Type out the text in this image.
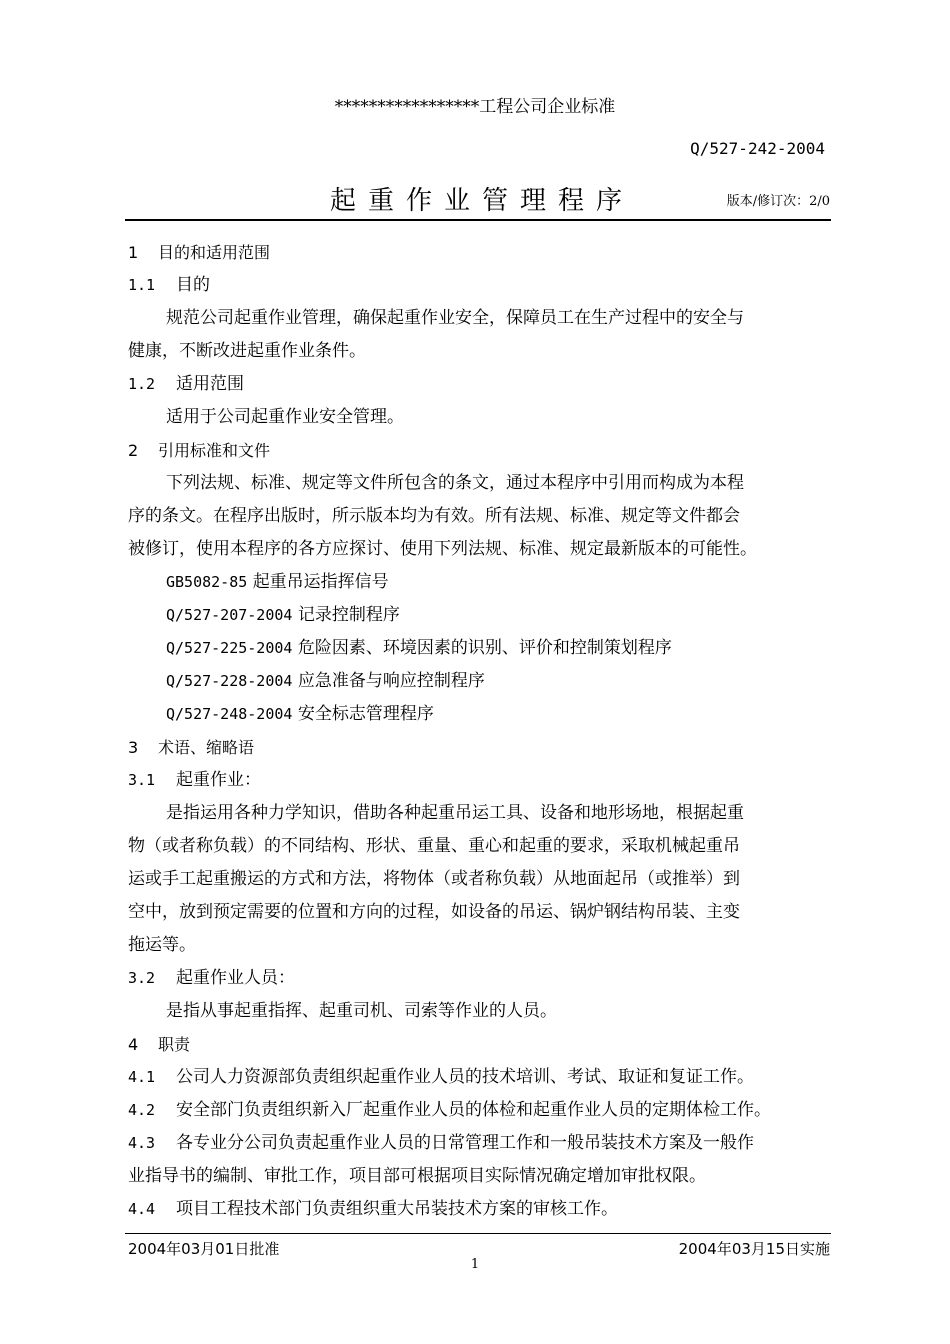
*****************工程公司企业标准
Q/527-242-2004
起重作业管理程序	版本/修订次：2/0
1 目的和适用范围
1.1 目的
规范公司起重作业管理，确保起重作业安全，保障员工在生产过程中的安全与
健康，不断改进起重作业条件。
1.2 适用范围
适用于公司起重作业安全管理。
2 引用标准和文件
下列法规、标准、规定等文件所包含的条文，通过本程序中引用而构成为本程
序的条文。在程序出版时，所示版本均为有效。所有法规、标准、规定等文件都会
被修订，使用本程序的各方应探讨、使用下列法规、标准、规定最新版本的可能性。
GB5082-85 起重吊运指挥信号
Q/527-207-2004 记录控制程序
Q/527-225-2004 危险因素、环境因素的识别、评价和控制策划程序
Q/527-228-2004 应急准备与响应控制程序
Q/527-248-2004 安全标志管理程序
3 术语、缩略语
3.1 起重作业：
是指运用各种力学知识，借助各种起重吊运工具、设备和地形场地，根据起重
物（或者称负载）的不同结构、形状、重量、重心和起重的要求，采取机械起重吊
运或手工起重搬运的方式和方法，将物体（或者称负载）从地面起吊（或推举）到
空中，放到预定需要的位置和方向的过程，如设备的吊运、锅炉钢结构吊装、主变
拖运等。
3.2 起重作业人员：
是指从事起重指挥、起重司机、司索等作业的人员。
4 职责
4.1 公司人力资源部负责组织起重作业人员的技术培训、考试、取证和复证工作。
4.2 安全部门负责组织新入厂起重作业人员的体检和起重作业人员的定期体检工作。
4.3 各专业分公司负责起重作业人员的日常管理工作和一般吊装技术方案及一般作
业指导书的编制、审批工作，项目部可根据项目实际情况确定增加审批权限。
4.4 项目工程技术部门负责组织重大吊装技术方案的审核工作。
2004年03月01日批准	2004年03月15日实施
1
